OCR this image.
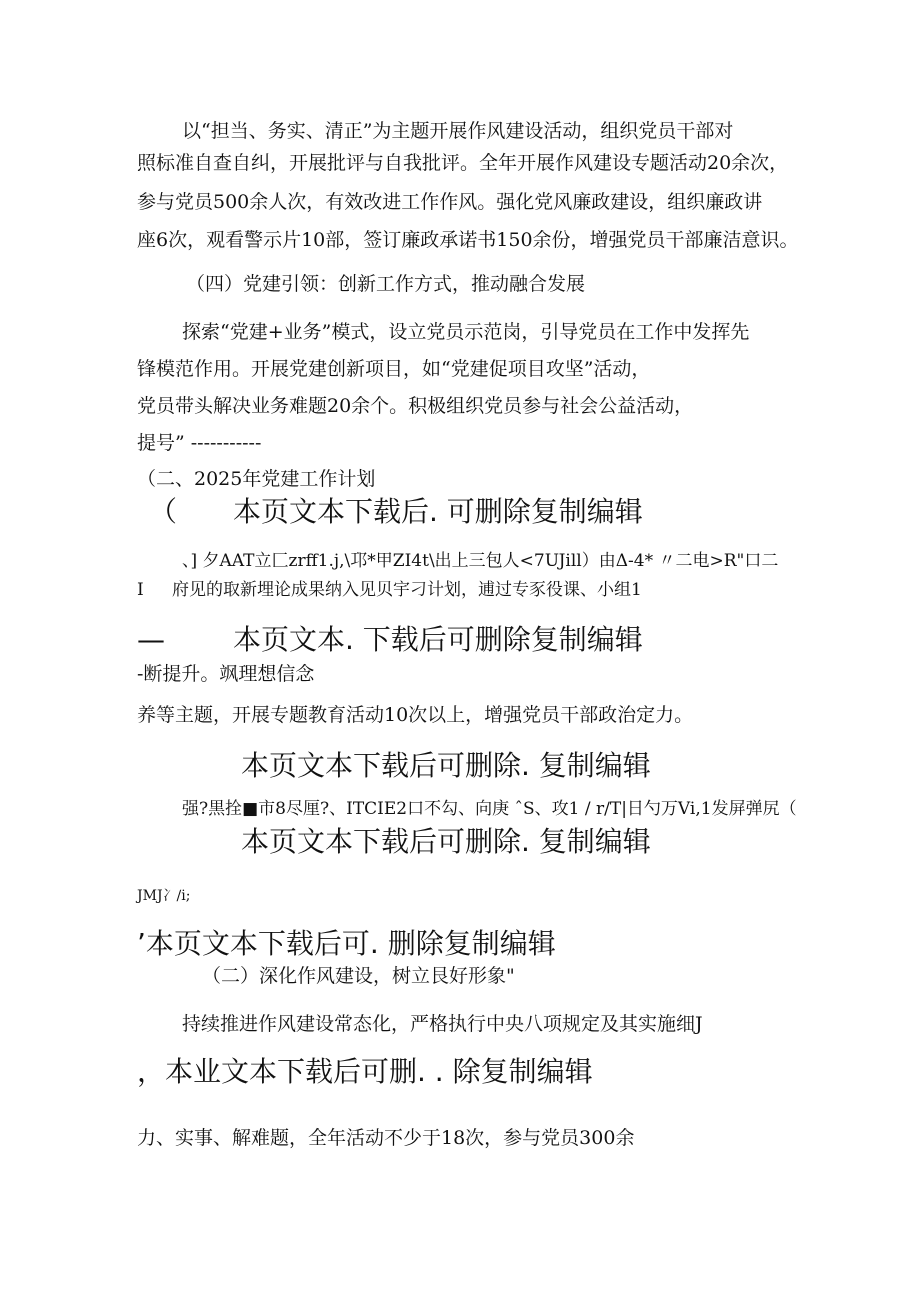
以“担当、务实、清正”为主题开展作风建设活动，组织党员干部对
照标准自查自纠，开展批评与自我批评。全年开展作风建设专题活动20余次，
参与党员500余人次，有效改进工作作风。强化党风廉政建设，组织廉政讲
座6次，观看警示片10部，签订廉政承诺书150余份，增强党员干部廉洁意识。
（四）党建引领：创新工作方式，推动融合发展
探索“党建+业务”模式，设立党员示范岗，引导党员在工作中发挥先
锋模范作用。开展党建创新项目，如“党建促项目攻坚”活动，
党员带头解决业务难题20余个。积极组织党员参与社会公益活动，
提号” -----------
（二、2025年党建工作计划
（ 本页文本下载后. 可删除复制编辑
、] 夕AAT立匚zrff1.j,\邛*甲ZI4t\出上三包人<7UJill）由Δ-4* 〃二电>R"口二
I 府见的取新埋论成果纳入见贝宇刁计划，逋过专豕役课、小组1
— 本页文本. 下载后可删除复制编辑
-断提升。飒理想信念
养等主题，开展专题教育活动10次以上，增强党员干部政治定力。
本页文本下载后可删除. 复制编辑
强?黒拴■市8尽厘?、ITCIE2口不勾、向庚 ˆS、攻1 / r∕T|日勺万Vi,1发屏弹尻（
本页文本下载后可删除. 复制编辑
JMJ冫∕i;
’本页文本下载后可. 删除复制编辑
（二）深化作风建设，树立艮好形象"
持续推进作风建设常态化，严格执行中央八项规定及其实施细J
，本业文本下载后可删. . 除复制编辑
力、实事、解难题，全年活动不少于18次，参与党员300余
